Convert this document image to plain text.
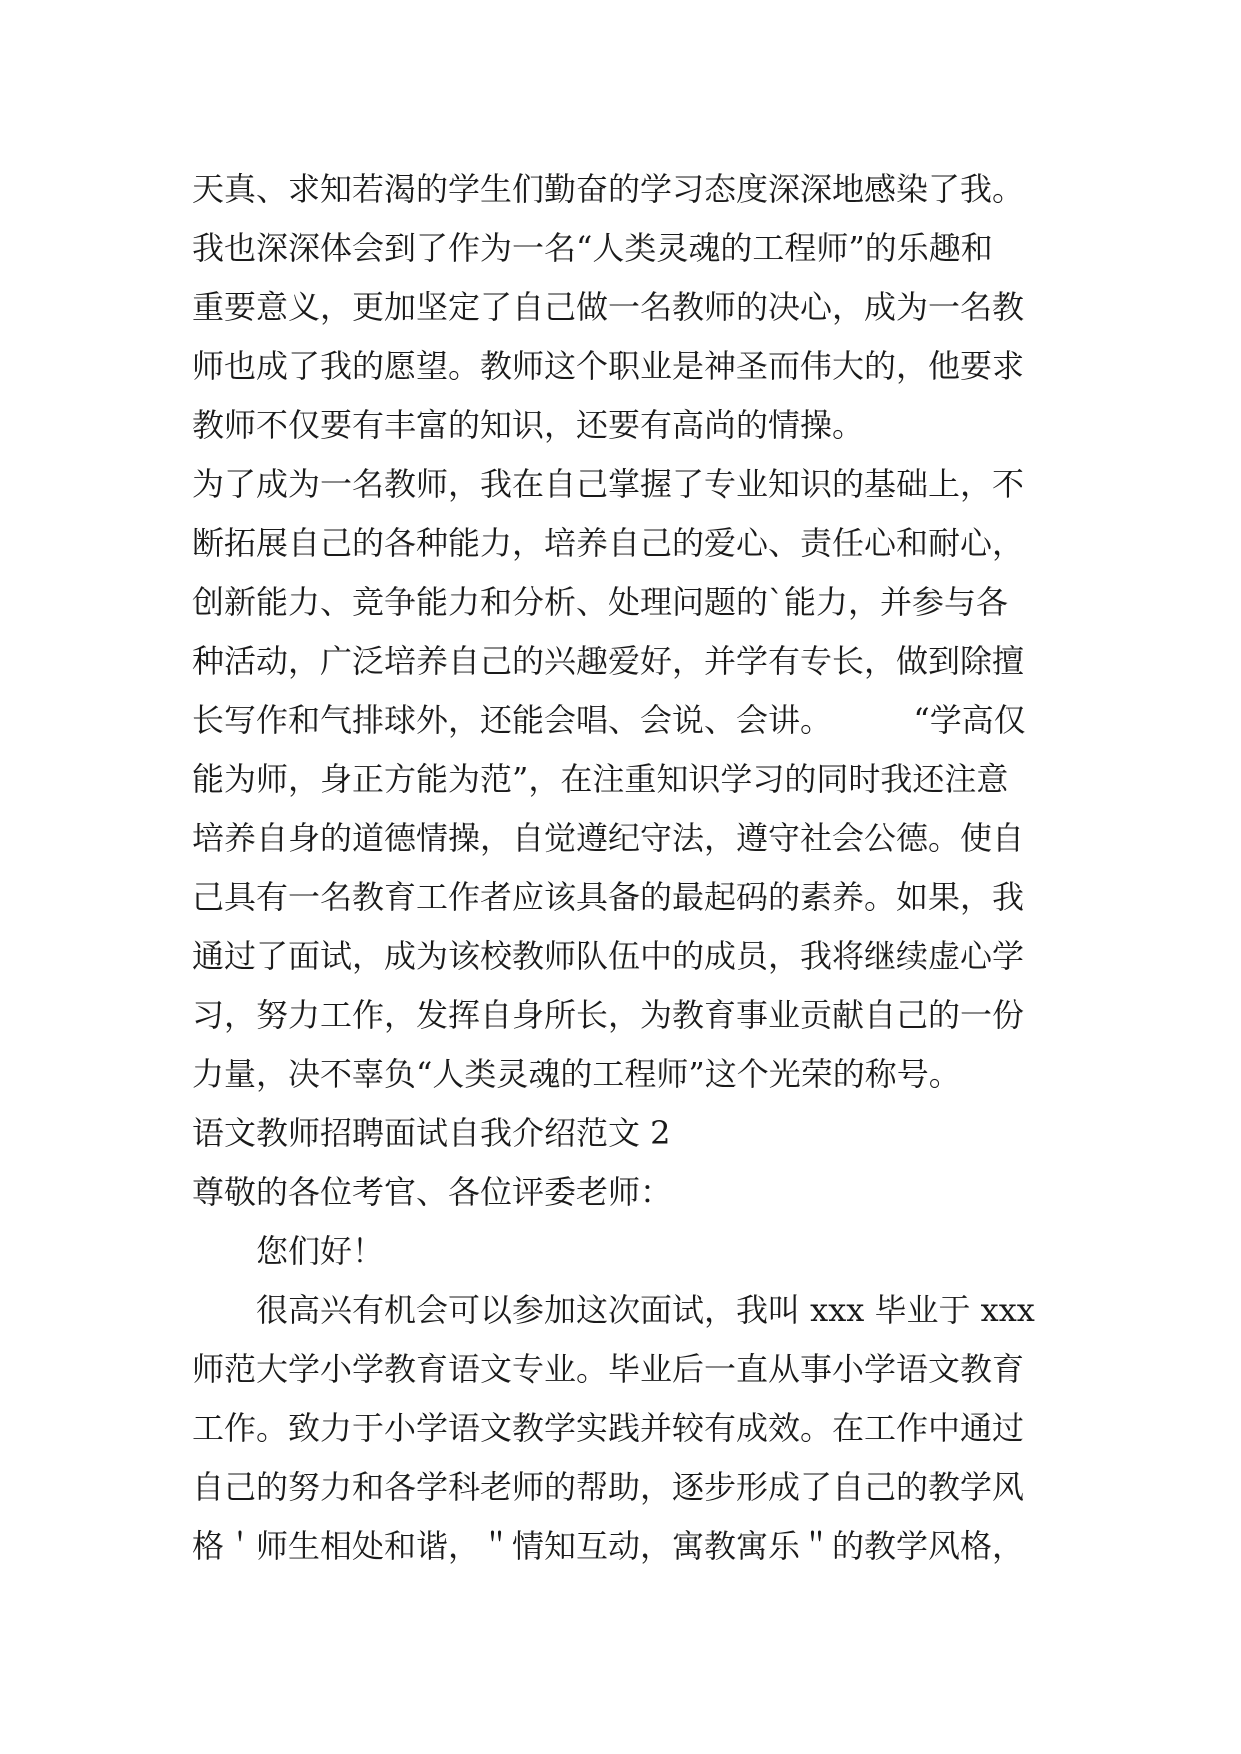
天真、求知若渴的学生们勤奋的学习态度深深地感染了我。
我也深深体会到了作为一名“人类灵魂的工程师”的乐趣和
重要意义，更加坚定了自己做一名教师的决心，成为一名教
师也成了我的愿望。教师这个职业是神圣而伟大的，他要求
教师不仅要有丰富的知识，还要有高尚的情操。
为了成为一名教师，我在自己掌握了专业知识的基础上，不
断拓展自己的各种能力，培养自己的爱心、责任心和耐心，
创新能力、竞争能力和分析、处理问题的`能力，并参与各
种活动，广泛培养自己的兴趣爱好，并学有专长，做到除擅
长写作和气排球外，还能会唱、会说、会讲。        “学高仅
能为师，身正方能为范”，在注重知识学习的同时我还注意
培养自身的道德情操，自觉遵纪守法，遵守社会公德。使自
己具有一名教育工作者应该具备的最起码的素养。如果，我
通过了面试，成为该校教师队伍中的成员，我将继续虚心学
习，努力工作，发挥自身所长，为教育事业贡献自己的一份
力量，决不辜负“人类灵魂的工程师”这个光荣的称号。
语文教师招聘面试自我介绍范文 2
尊敬的各位考官、各位评委老师：
您们好！
很高兴有机会可以参加这次面试，我叫 xxx 毕业于 xxx
师范大学小学教育语文专业。毕业后一直从事小学语文教育
工作。致力于小学语文教学实践并较有成效。在工作中通过
自己的努力和各学科老师的帮助，逐步形成了自己的教学风
格＇师生相处和谐，＂情知互动，寓教寓乐＂的教学风格，
